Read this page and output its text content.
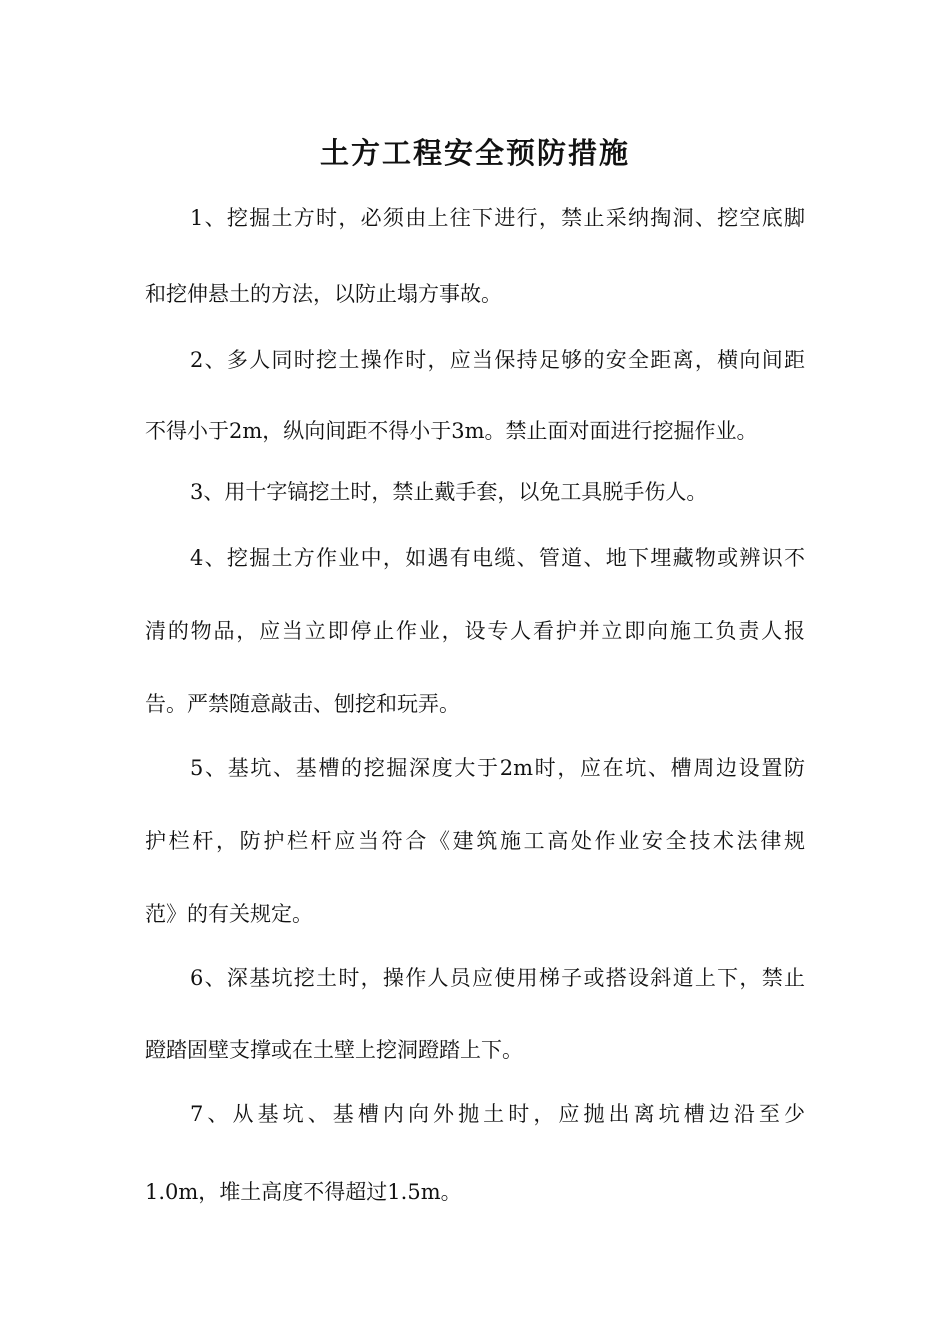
土方工程安全预防措施

1、挖掘土方时，必须由上往下进行，禁止采纳掏洞、挖空底脚

和挖伸悬土的方法，以防止塌方事故。

2、多人同时挖土操作时，应当保持足够的安全距离，横向间距

不得小于2m，纵向间距不得小于3m。禁止面对面进行挖掘作业。

3、用十字镐挖土时，禁止戴手套，以免工具脱手伤人。

4、挖掘土方作业中，如遇有电缆、管道、地下埋藏物或辨识不

清的物品，应当立即停止作业，设专人看护并立即向施工负责人报

告。严禁随意敲击、刨挖和玩弄。

5、基坑、基槽的挖掘深度大于2m时，应在坑、槽周边设置防

护栏杆，防护栏杆应当符合《建筑施工高处作业安全技术法律规

范》的有关规定。

6、深基坑挖土时，操作人员应使用梯子或搭设斜道上下，禁止

蹬踏固壁支撑或在土壁上挖洞蹬踏上下。

7、从基坑、基槽内向外抛土时，应抛出离坑槽边沿至少

1.0m，堆土高度不得超过1.5m。
